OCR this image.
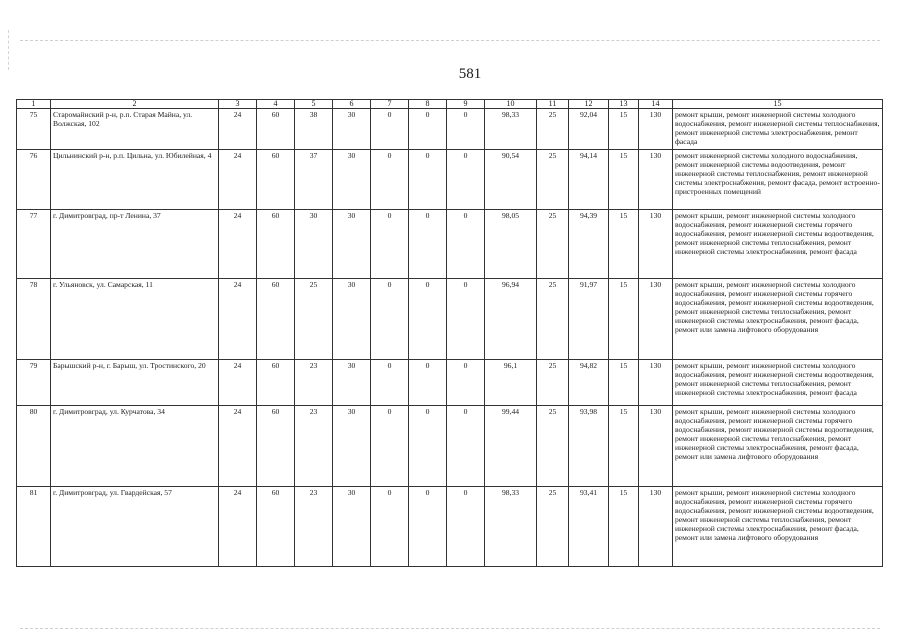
581
1	2	3	4	5	6	7	8	9	10	11	12	13	14	15
75	Старомайнский р-н, р.п. Старая Майна, ул. Волжская, 102	24	60	38	30	0	0	0	98,33	25	92,04	15	130	ремонт крыши, ремонт инженерной системы холодного водоснабжения, ремонт инженерной системы теплоснабжения, ремонт инженерной системы электроснабжения, ремонт фасада
76	Цильнинский р-н, р.п. Цильна, ул. Юбилейная, 4	24	60	37	30	0	0	0	90,54	25	94,14	15	130	ремонт инженерной системы холодного водоснабжения, ремонт инженерной системы водоотведения, ремонт инженерной системы теплоснабжения, ремонт инженерной системы электроснабжения, ремонт фасада, ремонт встроенно-пристроенных помещений
77	г. Димитровград, пр-т Ленина, 37	24	60	30	30	0	0	0	98,05	25	94,39	15	130	ремонт крыши, ремонт инженерной системы холодного водоснабжения, ремонт инженерной системы горячего водоснабжения, ремонт инженерной системы водоотведения, ремонт инженерной системы теплоснабжения, ремонт инженерной системы электроснабжения, ремонт фасада
78	г. Ульяновск, ул. Самарская, 11	24	60	25	30	0	0	0	96,94	25	91,97	15	130	ремонт крыши, ремонт инженерной системы холодного водоснабжения, ремонт инженерной системы горячего водоснабжения, ремонт инженерной системы водоотведения, ремонт инженерной системы теплоснабжения, ремонт инженерной системы электроснабжения, ремонт фасада, ремонт или замена лифтового оборудования
79	Барышский р-н, г. Барыш, ул. Тростинского, 20	24	60	23	30	0	0	0	96,1	25	94,82	15	130	ремонт крыши, ремонт инженерной системы холодного водоснабжения, ремонт инженерной системы водоотведения, ремонт инженерной системы теплоснабжения, ремонт инженерной системы электроснабжения, ремонт фасада
80	г. Димитровград, ул. Курчатова, 34	24	60	23	30	0	0	0	99,44	25	93,98	15	130	ремонт крыши, ремонт инженерной системы холодного водоснабжения, ремонт инженерной системы горячего водоснабжения, ремонт инженерной системы водоотведения, ремонт инженерной системы теплоснабжения, ремонт инженерной системы электроснабжения, ремонт фасада, ремонт или замена лифтового оборудования
81	г. Димитровград, ул. Гвардейская, 57	24	60	23	30	0	0	0	98,33	25	93,41	15	130	ремонт крыши, ремонт инженерной системы холодного водоснабжения, ремонт инженерной системы горячего водоснабжения, ремонт инженерной системы водоотведения, ремонт инженерной системы теплоснабжения, ремонт инженерной системы электроснабжения, ремонт фасада, ремонт или замена лифтового оборудования
